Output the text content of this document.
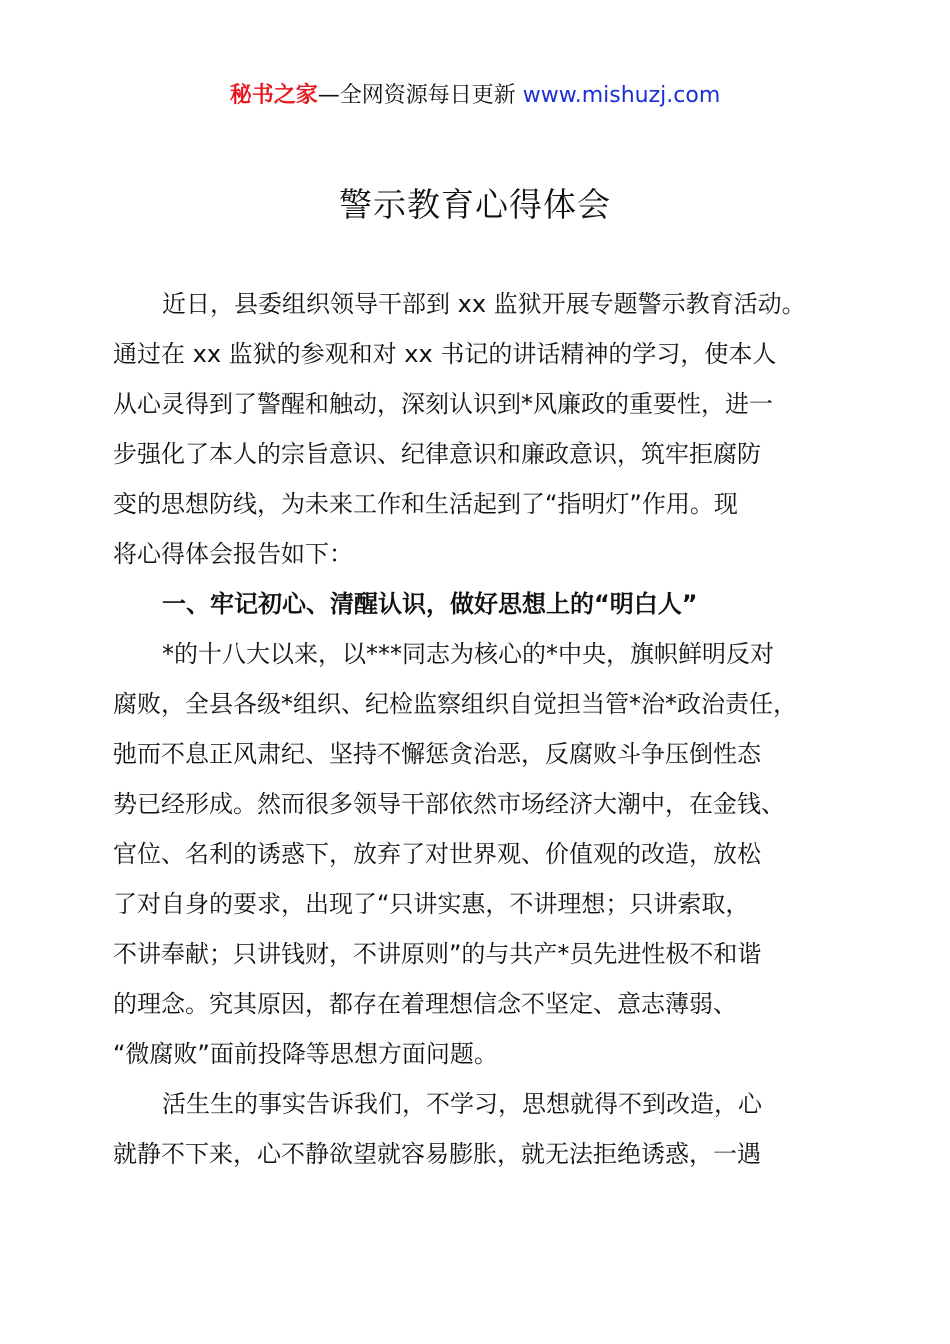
秘书之家—全网资源每日更新 www.mishuzj.com
警示教育心得体会
近日，县委组织领导干部到 xx 监狱开展专题警示教育活动。
通过在 xx 监狱的参观和对 xx 书记的讲话精神的学习，使本人
从心灵得到了警醒和触动，深刻认识到*风廉政的重要性，进一
步强化了本人的宗旨意识、纪律意识和廉政意识，筑牢拒腐防
变的思想防线，为未来工作和生活起到了“指明灯”作用。现
将心得体会报告如下：
一、牢记初心、清醒认识，做好思想上的“明白人”
*的十八大以来，以***同志为核心的*中央，旗帜鲜明反对
腐败，全县各级*组织、纪检监察组织自觉担当管*治*政治责任，
弛而不息正风肃纪、坚持不懈惩贪治恶，反腐败斗争压倒性态
势已经形成。然而很多领导干部依然市场经济大潮中，在金钱、
官位、名利的诱惑下，放弃了对世界观、价值观的改造，放松
了对自身的要求，出现了“只讲实惠，不讲理想；只讲索取，
不讲奉献；只讲钱财，不讲原则”的与共产*员先进性极不和谐
的理念。究其原因，都存在着理想信念不坚定、意志薄弱、
“微腐败”面前投降等思想方面问题。
活生生的事实告诉我们，不学习，思想就得不到改造，心
就静不下来，心不静欲望就容易膨胀，就无法拒绝诱惑，一遇
